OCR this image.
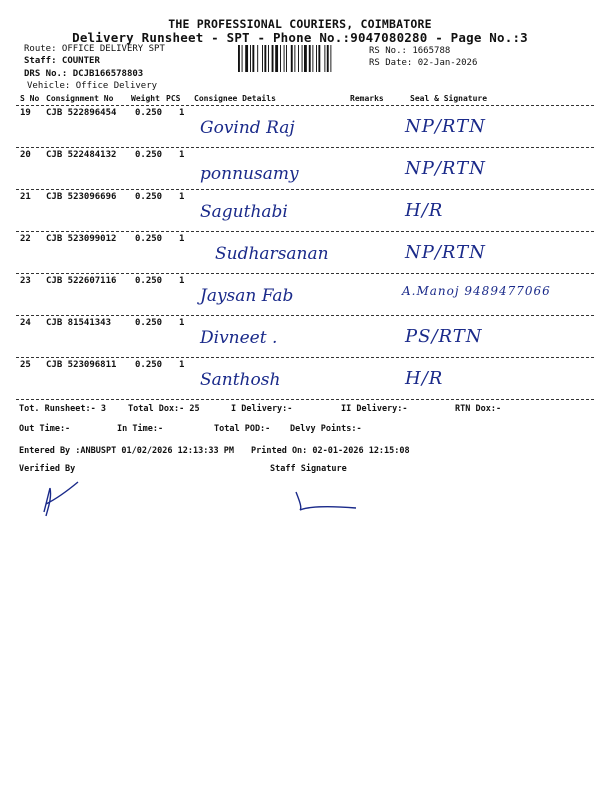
THE PROFESSIONAL COURIERS, COIMBATORE
Delivery Runsheet - SPT - Phone No.:9047080280 - Page No.:3
Route: OFFICE DELIVERY SPT
Staff: COUNTER
DRS No.: DCJB166578803
Vehicle: Office Delivery
RS No.: 1665788
RS Date: 02-Jan-2026
S No Consignment No Weight PCS Consignee Details	Remarks	Seal & Signature
19 CJB 522896454 0.250 1
Govind Raj	NP/RTN
20 CJB 522484132 0.250 1
ponnusamy	NP/RTN
21 CJB 523096696 0.250 1
Saguthabi	H/R
22 CJB 523099012 0.250 1
Sudharsanan	NP/RTN
23 CJB 522607116 0.250 1
Jaysan Fab	A.Manoj 9489477066
24 CJB 81541343	0.250 1
Divneet .	PS/RTN
25 CJB 523096811 0.250 1
Santhosh	H/R
Tot. Runsheet:- 3	Total Dox:- 25	I Delivery:-	II Delivery:-	RTN Dox:-
Out Time:-	In Time:-	Total POD:- Delvy Points:-
Entered By :ANBUSPT 01/02/2026 12:13:33 PM Printed On: 02-01-2026 12:15:08
Verified By	Staff Signature
